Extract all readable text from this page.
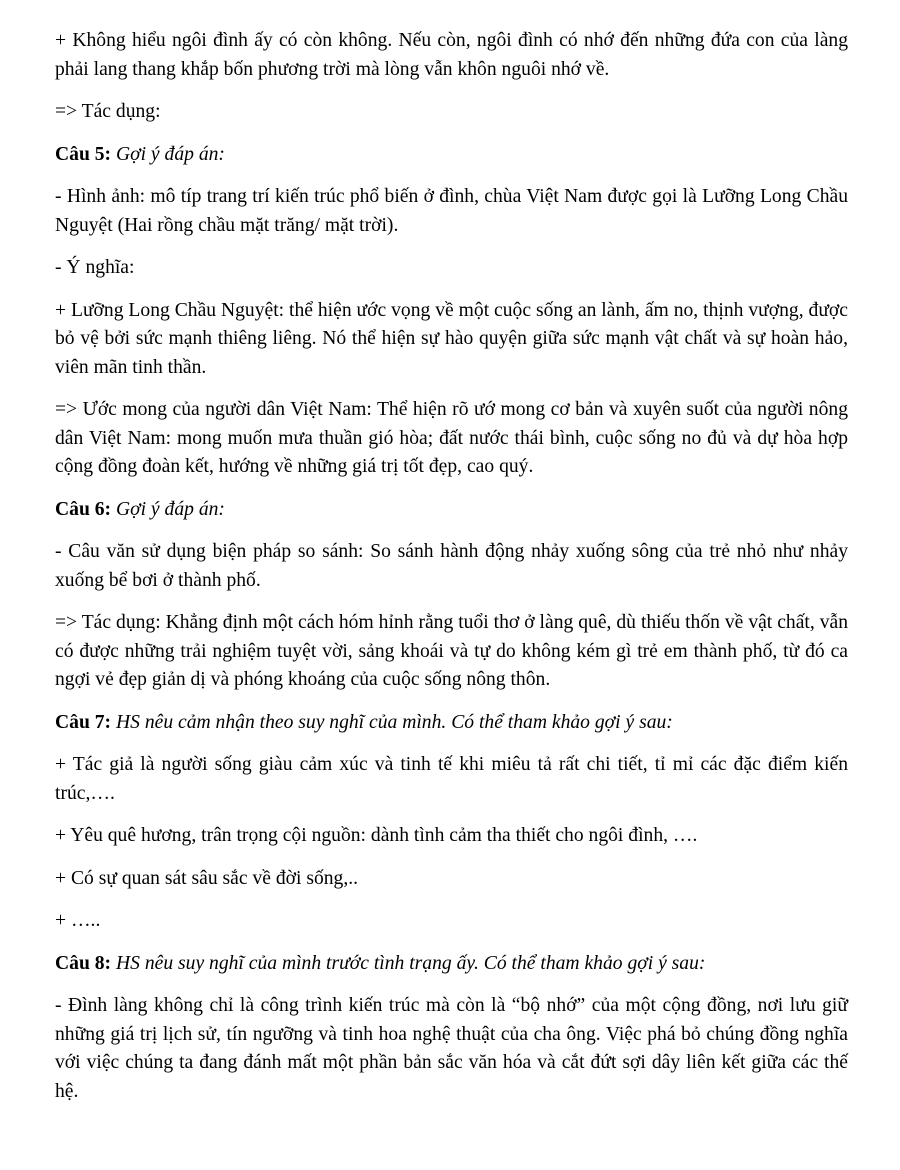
+ Không hiểu ngôi đình ấy có còn không. Nếu còn, ngôi đình có nhớ đến những đứa con của làng phải lang thang khắp bốn phương trời mà lòng vẫn khôn nguôi nhớ về.

=> Tác dụng:

Câu 5: Gợi ý đáp án:

- Hình ảnh: mô típ trang trí kiến trúc phổ biến ở đình, chùa Việt Nam được gọi là Lưỡng Long Chầu Nguyệt (Hai rồng chầu mặt trăng/ mặt trời).

- Ý nghĩa:

+ Lưỡng Long Chầu Nguyệt: thể hiện ước vọng về một cuộc sống an lành, ấm no, thịnh vượng, được bỏ vệ bởi sức mạnh thiêng liêng. Nó thể hiện sự hào quyện giữa sức mạnh vật chất và sự hoàn hảo, viên mãn tinh thần.

=> Ước mong của người dân Việt Nam: Thể hiện rõ ướ mong cơ bản và xuyên suốt của người nông dân Việt Nam: mong muốn mưa thuần gió hòa; đất nước thái bình, cuộc sống no đủ và dự hòa hợp cộng đồng đoàn kết, hướng về những giá trị tốt đẹp, cao quý.

Câu 6: Gợi ý đáp án:

- Câu văn sử dụng biện pháp so sánh: So sánh hành động nhảy xuống sông của trẻ nhỏ như nhảy xuống bể bơi ở thành phố.

=> Tác dụng: Khẳng định một cách hóm hỉnh rằng tuổi thơ ở làng quê, dù thiếu thốn về vật chất, vẫn có được những trải nghiệm tuyệt vời, sảng khoái và tự do không kém gì trẻ em thành phố, từ đó ca ngợi vẻ đẹp giản dị và phóng khoáng của cuộc sống nông thôn.

Câu 7: HS nêu cảm nhận theo suy nghĩ của mình. Có thể tham khảo gợi ý sau:

+ Tác giả là người sống giàu cảm xúc và tinh tế khi miêu tả rất chi tiết, tỉ mỉ các đặc điểm kiến trúc,….

+ Yêu quê hương, trân trọng cội nguồn: dành tình cảm tha thiết cho ngôi đình, ….

+ Có sự quan sát sâu sắc về đời sống,..

+ …..

Câu 8: HS nêu suy nghĩ của mình trước tình trạng ấy. Có thể tham khảo gợi ý sau:

- Đình làng không chỉ là công trình kiến trúc mà còn là “bộ nhớ” của một cộng đồng, nơi lưu giữ những giá trị lịch sử, tín ngưỡng và tinh hoa nghệ thuật của cha ông. Việc phá bỏ chúng đồng nghĩa với việc chúng ta đang đánh mất một phần bản sắc văn hóa và cắt đứt sợi dây liên kết giữa các thế hệ.
